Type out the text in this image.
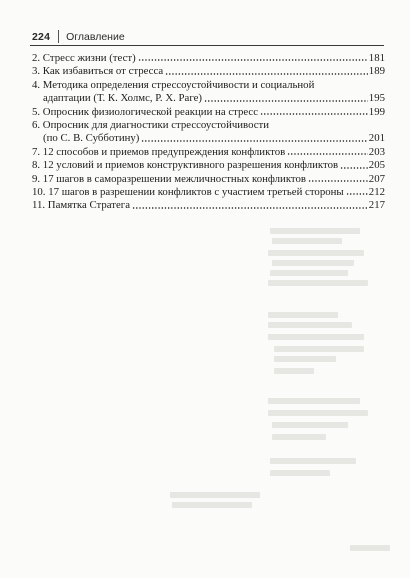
224 Оглавление
2. Стресс жизни (тест)	181
3. Как избавиться от стресса	189
4. Методика определения стрессоустойчивости и социальной
адаптации (Т. К. Холмс, Р. Х. Раге)	195
5. Опросник физиологической реакции на стресс	199
6. Опросник для диагностики стрессоустойчивости
(по С. В. Субботину)	201
7. 12 способов и приемов предупреждения конфликтов	203
8. 12 условий и приемов конструктивного разрешения конфликтов	205
9. 17 шагов в саморазрешении межличностных конфликтов	207
10. 17 шагов в разрешении конфликтов с участием третьей стороны 212
11. Памятка Стратега	217
